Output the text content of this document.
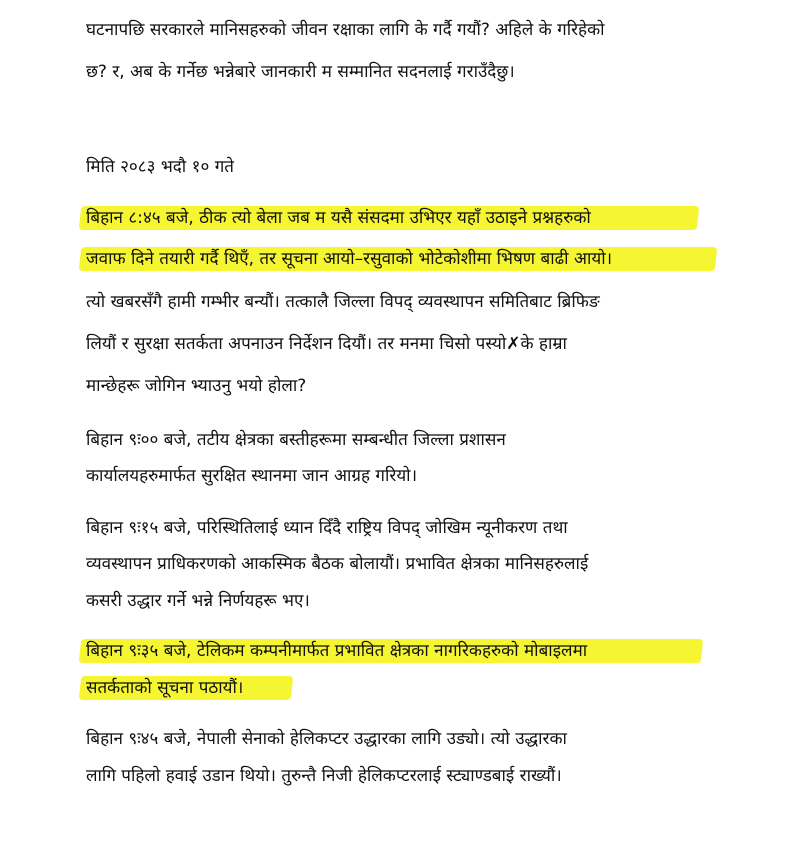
घटनापछि सरकारले मानिसहरुको जीवन रक्षाका लागि के गर्दै गयौं? अहिले के गरिहेको
छ? र, अब के गर्नेछ भन्नेबारे जानकारी म सम्मानित सदनलाई गराउँदैछु।
मिति २०८३ भदौ १० गते
बिहान ८:४५ बजे, ठीक त्यो बेला जब म यसै संसदमा उभिएर यहाँ उठाइने प्रश्नहरुको
जवाफ दिने तयारी गर्दै थिएँ, तर सूचना आयो–रसुवाको भोटेकोशीमा भिषण बाढी आयो।
त्यो खबरसँगै हामी गम्भीर बन्यौं। तत्कालै जिल्ला विपद् व्यवस्थापन समितिबाट ब्रिफिङ
लियौं र सुरक्षा सतर्कता अपनाउन निर्देशन दियौं। तर मनमा चिसो पस्यो✗के हाम्रा
मान्छेहरू जोगिन भ्याउनु भयो होला?
बिहान ९ः०० बजे, तटीय क्षेत्रका बस्तीहरूमा सम्बन्धीत जिल्ला प्रशासन
कार्यालयहरुमार्फत सुरक्षित स्थानमा जान आग्रह गरियो।
बिहान ९ः१५ बजे, परिस्थितिलाई ध्यान दिँदै राष्ट्रिय विपद् जोखिम न्यूनीकरण तथा
व्यवस्थापन प्राधिकरणको आकस्मिक बैठक बोलायौं। प्रभावित क्षेत्रका मानिसहरुलाई
कसरी उद्धार गर्ने भन्ने निर्णयहरू भए।
बिहान ९ः३५ बजे, टेलिकम कम्पनीमार्फत प्रभावित क्षेत्रका नागरिकहरुको मोबाइलमा
सतर्कताको सूचना पठायौं।
बिहान ९ः४५ बजे, नेपाली सेनाको हेलिकप्टर उद्धारका लागि उड्यो। त्यो उद्धारका
लागि पहिलो हवाई उडान थियो। तुरुन्तै निजी हेलिकप्टरलाई स्ट्याण्डबाई राख्यौं।
